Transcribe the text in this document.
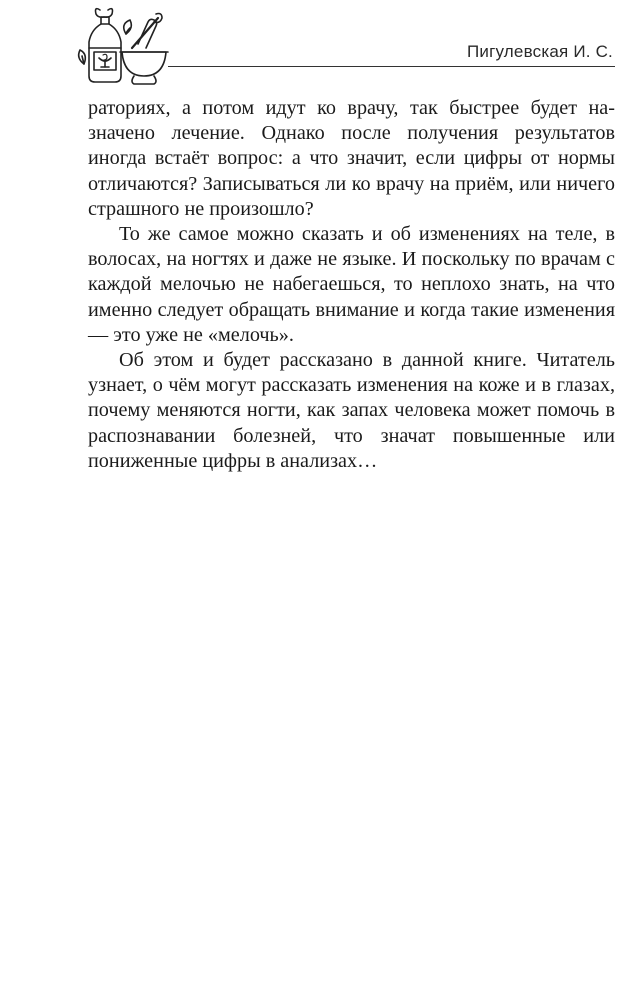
Пигулевская И. С.

раториях, а потом идут ко врачу, так быстрее будет назначено лечение. Однако после получения результатов иногда встаёт вопрос: а что значит, если цифры от нормы отличаются? Записываться ли ко врачу на приём, или ничего страшного не произошло?

То же самое можно сказать и об изменениях на теле, в волосах, на ногтях и даже не языке. И поскольку по врачам с каждой мелочью не набегаешься, то неплохо знать, на что именно следует обращать внимание и когда такие изменения — это уже не «мелочь».

Об этом и будет рассказано в данной книге. Читатель узнает, о чём могут рассказать изменения на коже и в глазах, почему меняются ногти, как запах человека может помочь в распознавании болезней, что значат повышенные или пониженные цифры в анализах…
